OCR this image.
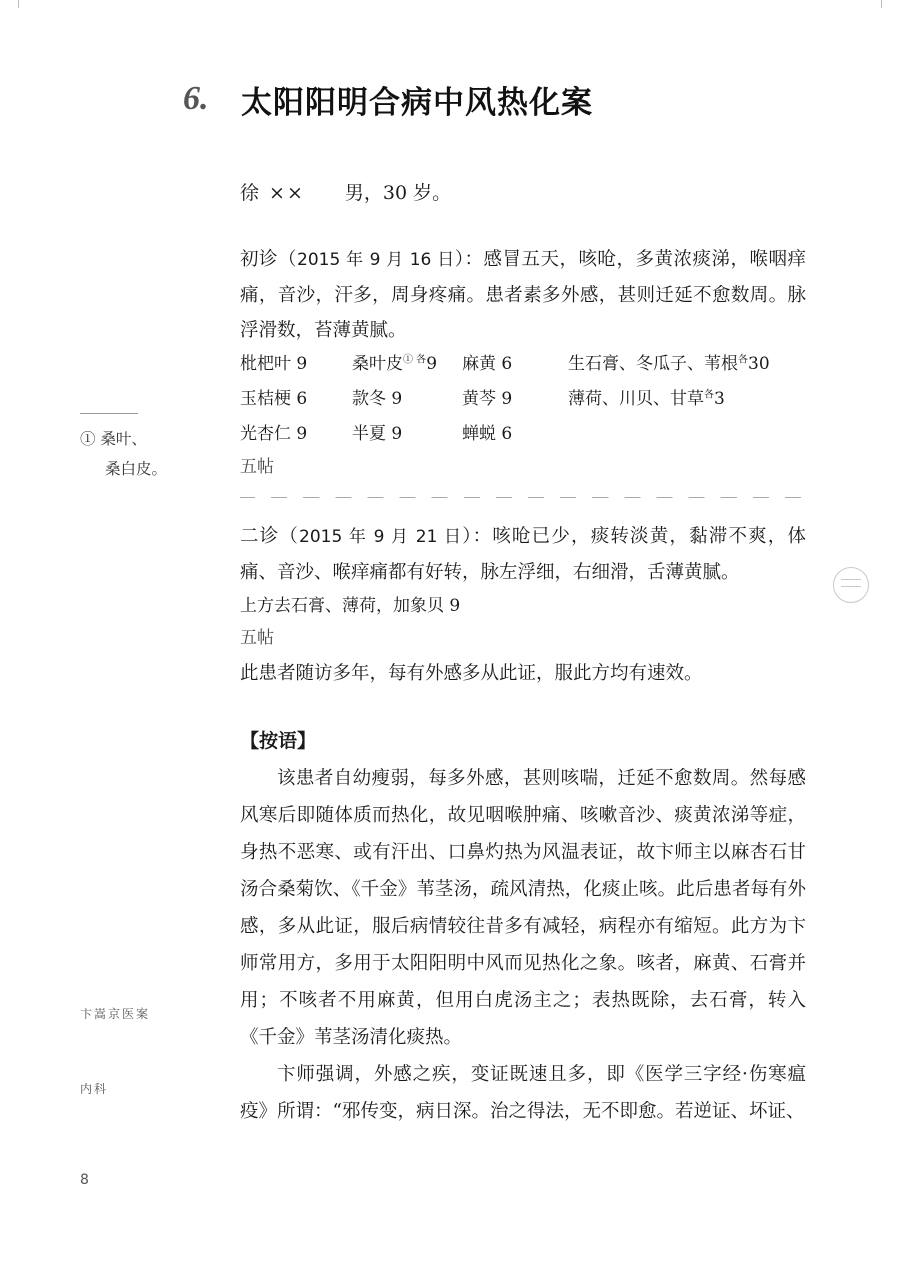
6.	太阳阳明合病中风热化案
徐 ×× 男，30 岁。
初诊（2015 年 9 月 16 日）：感冒五天，咳呛，多黄浓痰涕，喉咽痒痛，音沙，汗多，周身疼痛。患者素多外感，甚则迁延不愈数周。脉浮滑数，苔薄黄腻。
枇杷叶 9	桑叶皮$^{① 各}$9 麻黄 6	生石膏、冬瓜子、苇根$^各$30
玉桔梗 6	款冬 9	黄芩 9	薄荷、川贝、甘草$^各$3
光杏仁 9	半夏 9	蝉蜕 6
五帖
二诊（2015 年 9 月 21 日）：咳呛已少，痰转淡黄，黏滞不爽，体痛、音沙、喉痒痛都有好转，脉左浮细，右细滑，舌薄黄腻。
上方去石膏、薄荷，加象贝 9
五帖
此患者随访多年，每有外感多从此证，服此方均有速效。
【按语】

该患者自幼瘦弱，每多外感，甚则咳喘，迁延不愈数周。然每感风寒后即随体质而热化，故见咽喉肿痛、咳嗽音沙、痰黄浓涕等症，身热不恶寒、或有汗出、口鼻灼热为风温表证，故卞师主以麻杏石甘汤合桑菊饮、《千金》苇茎汤，疏风清热，化痰止咳。此后患者每有外感，多从此证，服后病情较往昔多有减轻，病程亦有缩短。此方为卞师常用方，多用于太阳阳明中风而见热化之象。咳者，麻黄、石膏并用；不咳者不用麻黄，但用白虎汤主之；表热既除，去石膏，转入《千金》苇茎汤清化痰热。

卞师强调，外感之疾，变证既速且多，即《医学三字经·伤寒瘟疫》所谓：“邪传变，病日深。治之得法，无不即愈。若逆证、坏证、

① 桑叶、
桑白皮。
卞嵩京医案
内科
8
